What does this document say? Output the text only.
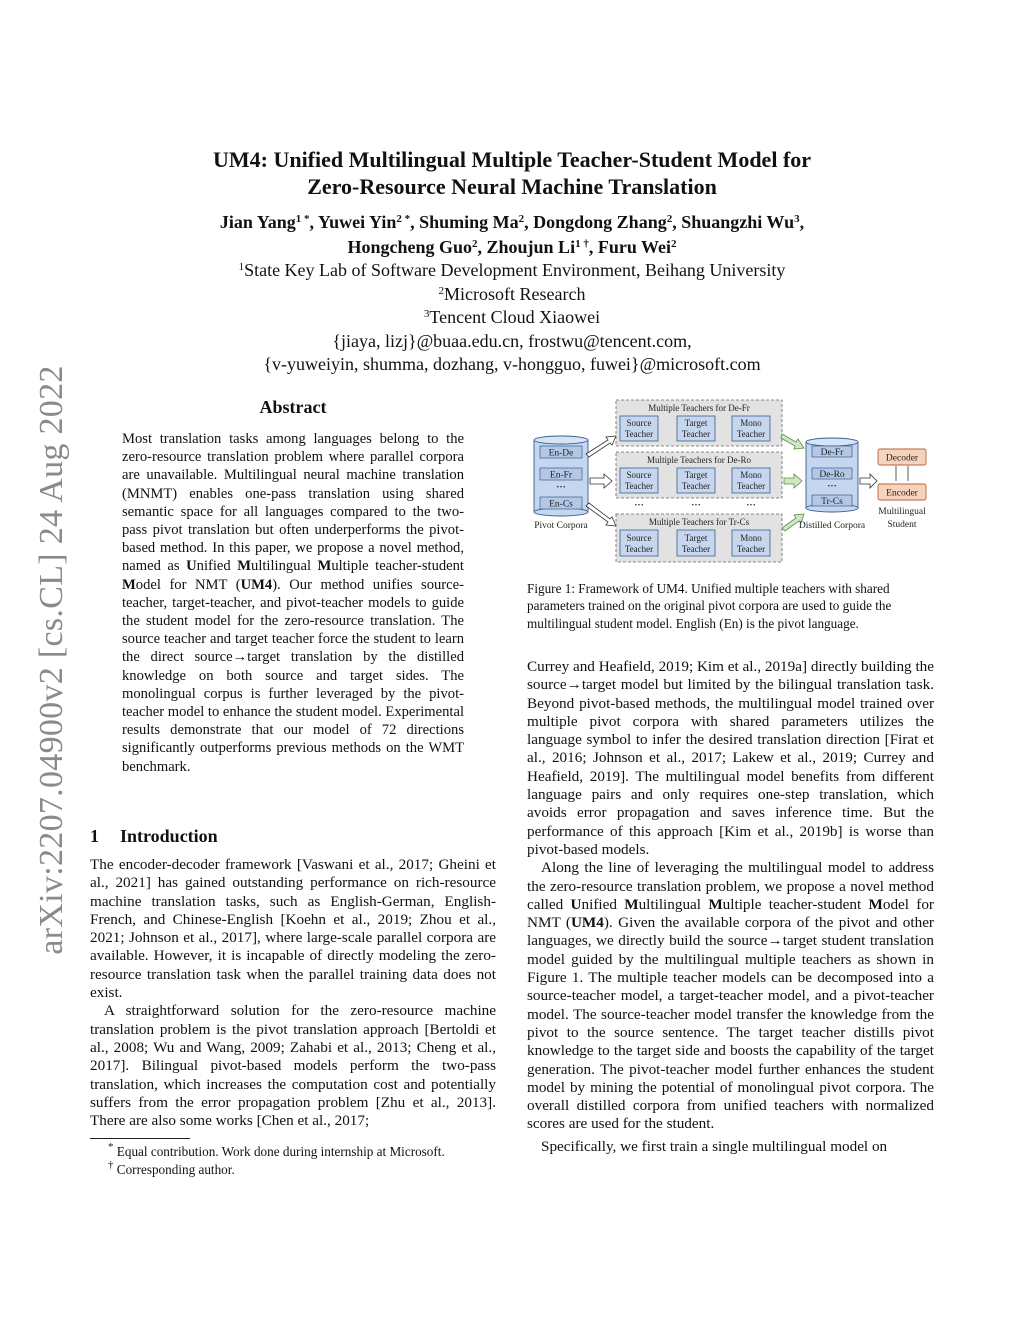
arXiv:2207.04900v2 [cs.CL] 24 Aug 2022
UM4: Unified Multilingual Multiple Teacher-Student Model for
Zero-Resource Neural Machine Translation
Jian Yang$^{1 *}$, Yuwei Yin$^{2 *}$, Shuming Ma$^2$, Dongdong Zhang$^2$, Shuangzhi Wu$^3$,
Hongcheng Guo$^2$, Zhoujun $Li^{1 \dagger}$, Furu Wei$^2$
$^1$State Key Lab of Software Development Environment, Beihang University
$^2$Microsoft Research
$^3$Tencent Cloud Xiaowei
{jiaya, lizj}@buaa.edu.cn, frostwu@tencent.com,
{v-yuweiyin, shumma, dozhang, v-hongguo, fuwei}@microsoft.com
Abstract
Most translation tasks among languages belong to the zero-resource translation problem where parallel corpora are unavailable. Multilingual neural machine translation (MNMT) enables one-pass translation using shared semantic space for all languages compared to the two-pass pivot translation but often underperforms the pivot-based method. In this paper, we propose a novel method, named as Unified Multilingual Multiple teacher-student Model for NMT (UM4). Our method unifies source-teacher, target-teacher, and pivot-teacher models to guide the student model for the zero-resource translation. The source teacher and target teacher force the student to learn the direct source→target translation by the distilled knowledge on both source and target sides. The monolingual corpus is further leveraged by the pivot-teacher model to enhance the student model. Experimental results demonstrate that our model of 72 directions significantly outperforms previous methods on the WMT benchmark.
1 Introduction

The encoder-decoder framework [Vaswani et al., 2017; Gheini et al., 2021] has gained outstanding performance on rich-resource machine translation tasks, such as English-German, English-French, and Chinese-English [Koehn et al., 2019; Zhou et al., 2021; Johnson et al., 2017], where large-scale parallel corpora are available. However, it is incapable of directly modeling the zero-resource translation task when the parallel training data does not exist.

A straightforward solution for the zero-resource machine translation problem is the pivot translation approach [Bertoldi et al., 2008; Wu and Wang, 2009; Zahabi et al., 2013; Cheng et al., 2017]. Bilingual pivot-based models perform the two-pass translation, which increases the computation cost and potentially suffers from the error propagation problem [Zhu et al., 2013]. There are also some works [Chen et al., 2017;

* Equal contribution. Work done during internship at Microsoft.
† Corresponding author.
En-De
En-Fr
···
En-Cs
Pivot Corpora
Multiple Teachers for De-Fr
Source
Teacher
Target
Teacher
Mono
Teacher
Multiple Teachers for De-Ro
Source
Teacher
Target
Teacher
Mono
Teacher
···	···	···
Multiple Teachers for Tr-Cs
Source
Teacher
Target
Teacher
Mono
Teacher
De-Fr
De-Ro
···
Tr-Cs
Distilled Corpora
Decoder
Encoder
Multilingual
Student
Figure 1: Framework of UM4. Unified multiple teachers with shared parameters trained on the original pivot corpora are used to guide the multilingual student model. English (En) is the pivot language.

Currey and Heafield, 2019; Kim et al., 2019a] directly building the source→target model but limited by the bilingual translation task. Beyond pivot-based methods, the multilingual model trained over multiple pivot corpora with shared parameters utilizes the language symbol to infer the desired translation direction [Firat et al., 2016; Johnson et al., 2017; Lakew et al., 2019; Currey and Heafield, 2019]. The multilingual model benefits from different language pairs and only requires one-step translation, which avoids error propagation and saves inference time. But the performance of this approach [Kim et al., 2019b] is worse than pivot-based models.

Along the line of leveraging the multilingual model to address the zero-resource translation problem, we propose a novel method called Unified Multilingual Multiple teacher-student Model for NMT (UM4). Given the available corpora of the pivot and other languages, we directly build the source→target student translation model guided by the multilingual multiple teachers as shown in Figure 1. The multiple teacher models can be decomposed into a source-teacher model, a target-teacher model, and a pivot-teacher model. The source-teacher model transfer the knowledge from the pivot to the source sentence. The target teacher distills pivot knowledge to the target side and boosts the capability of the target generation. The pivot-teacher model further enhances the student model by mining the potential of monolingual pivot corpora. The overall distilled corpora from unified teachers with normalized scores are used for the student.

Specifically, we first train a single multilingual model on
